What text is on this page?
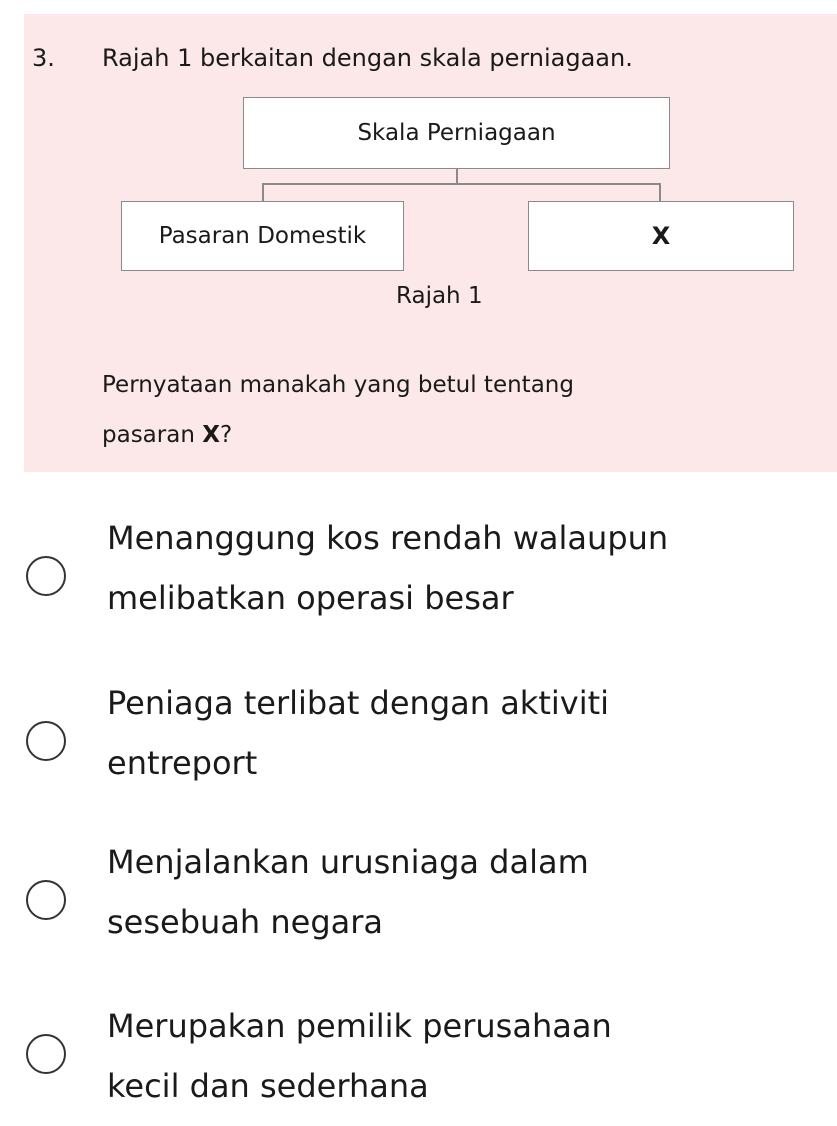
3. Rajah 1 berkaitan dengan skala perniagaan.
Skala Perniagaan
Pasaran Domestik	X
Rajah 1
Pernyataan manakah yang betul tentang
pasaran X?
Menanggung kos rendah walaupun
melibatkan operasi besar
Peniaga terlibat dengan aktiviti
entreport
Menjalankan urusniaga dalam
sesebuah negara
Merupakan pemilik perusahaan
kecil dan sederhana
